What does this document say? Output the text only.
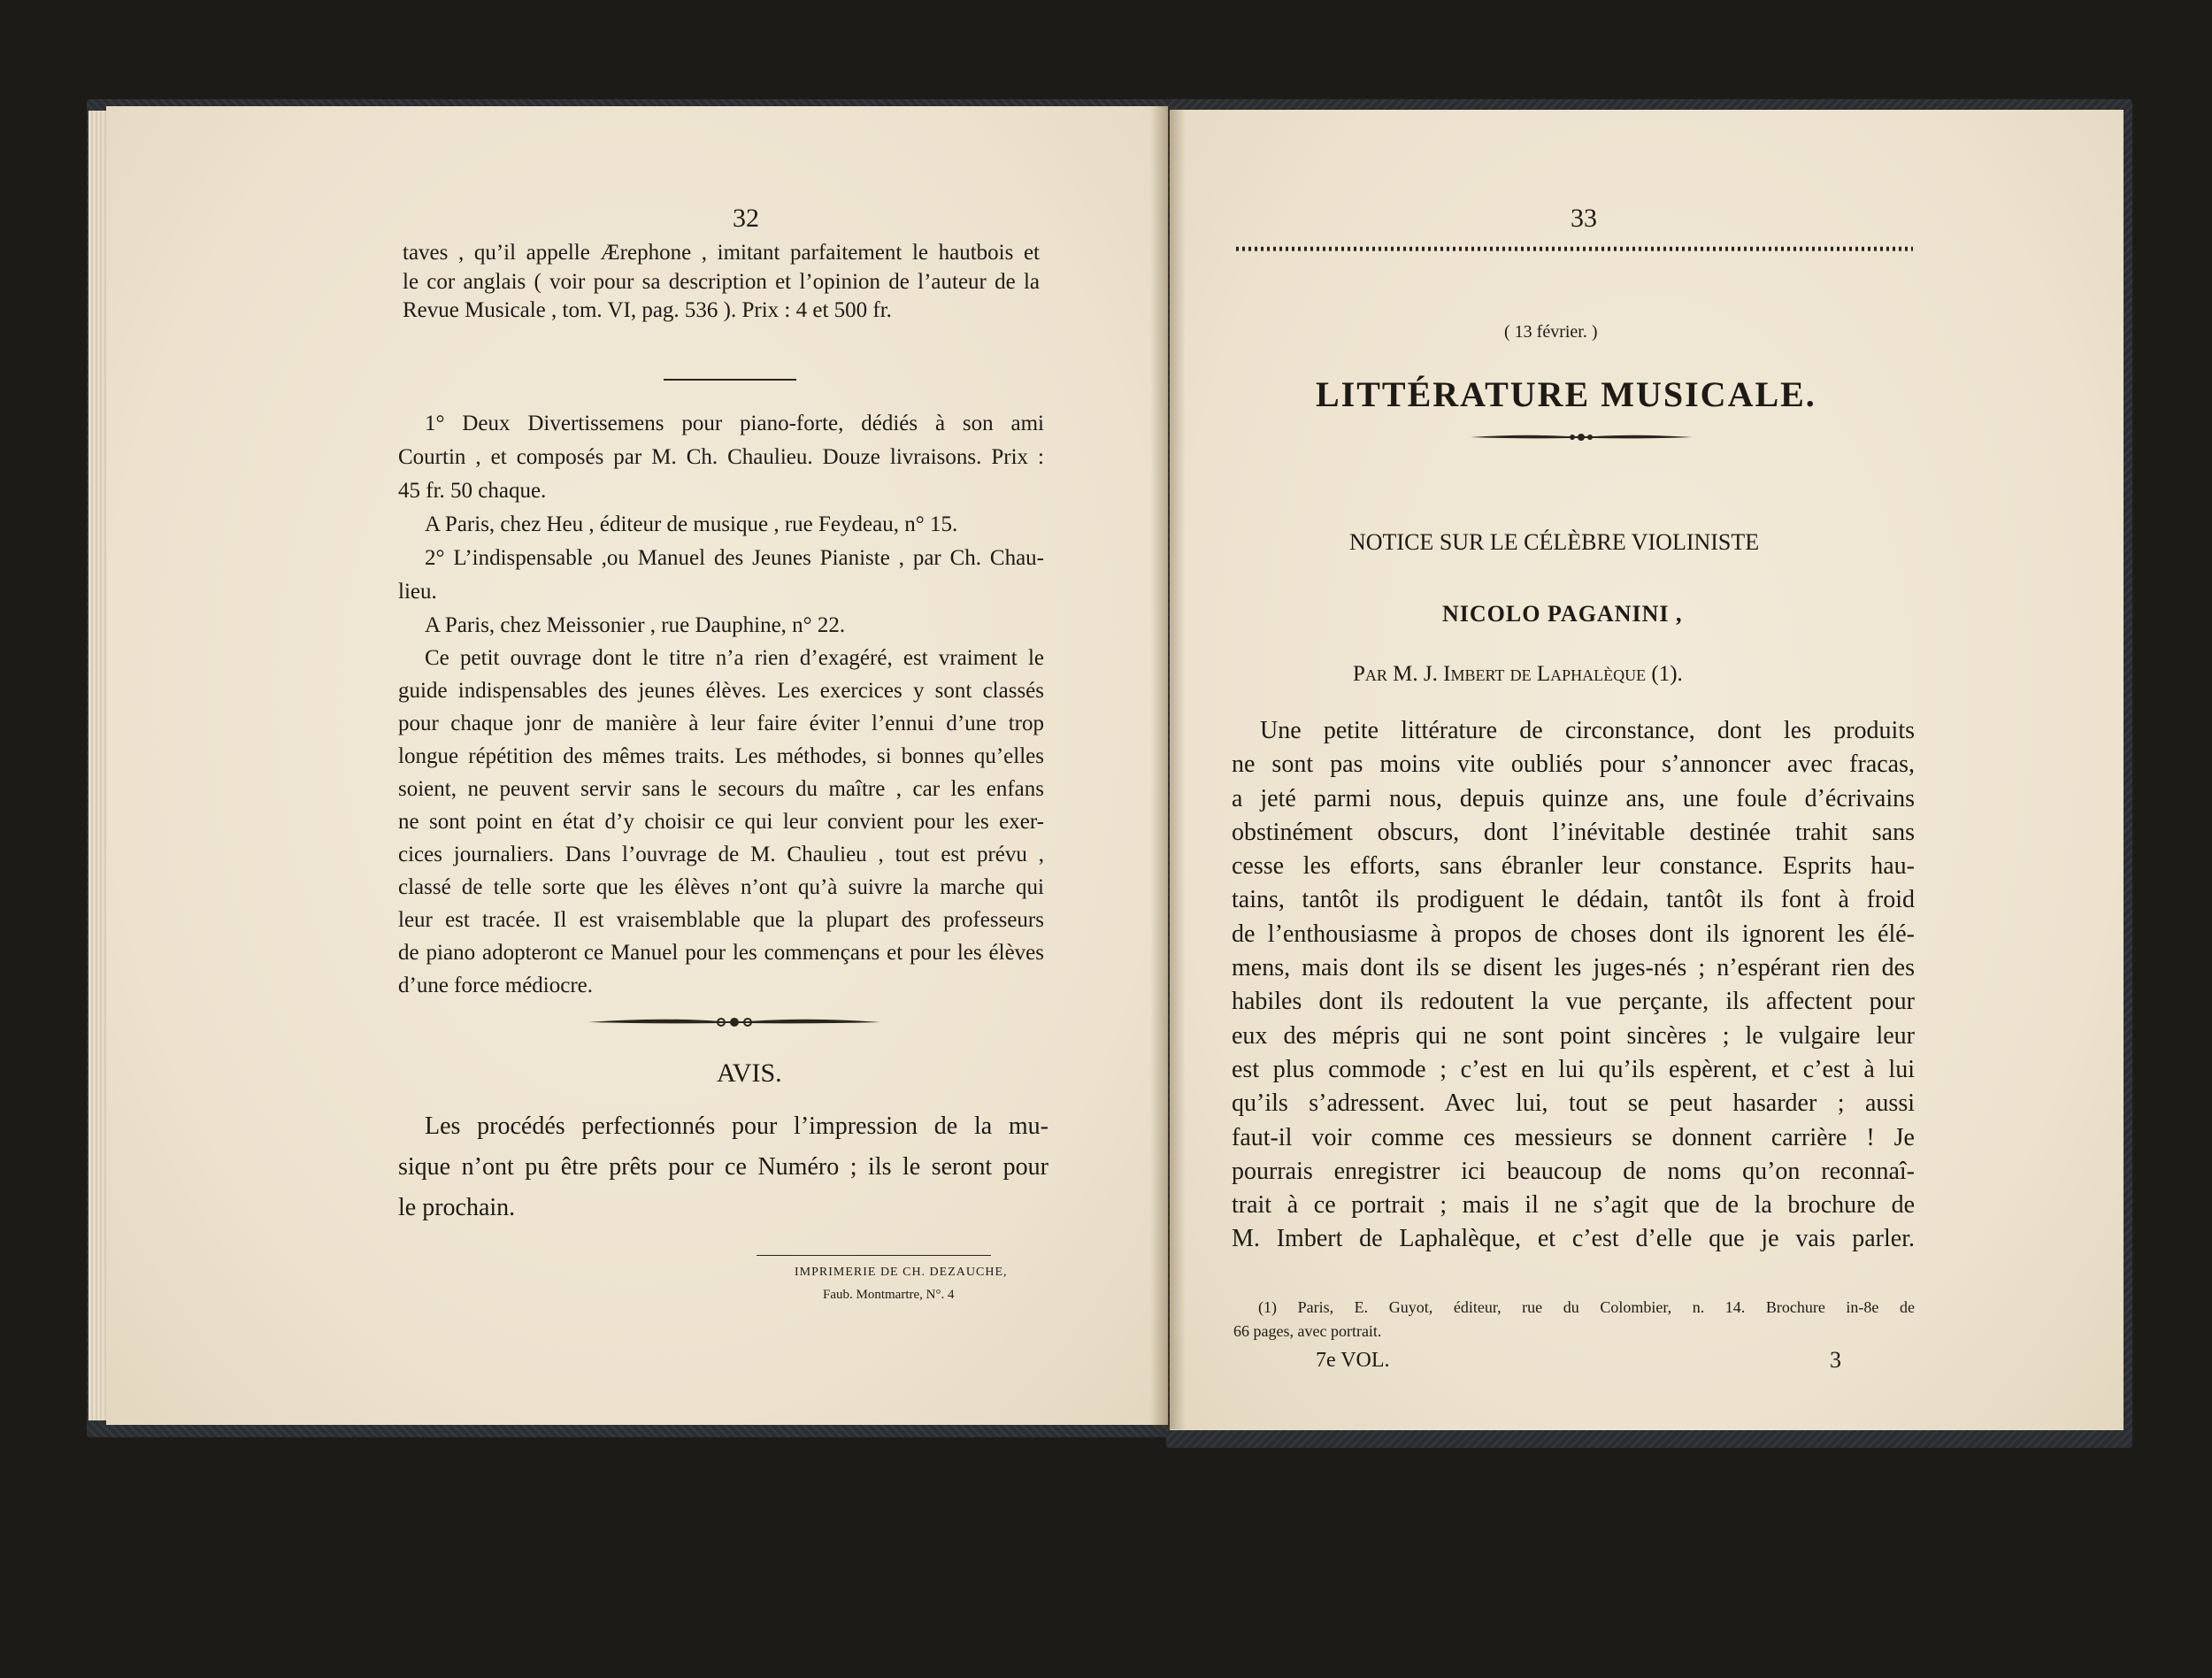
32
taves , qu’il appelle Ærephone , imitant parfaitement le hautbois et
le cor anglais ( voir pour sa description et l’opinion de l’auteur de la
Revue Musicale , tom. VI, pag. 536 ). Prix : 4 et 500 fr.
1° Deux Divertissemens pour piano-forte, dédiés à son ami
Courtin , et composés par M. Ch. Chaulieu. Douze livraisons. Prix :
45 fr. 50 chaque.
A Paris, chez Heu , éditeur de musique , rue Feydeau, n° 15.
2° L’indispensable ,ou Manuel des Jeunes Pianiste , par Ch. Chau-
lieu.
A Paris, chez Meissonier , rue Dauphine, n° 22.
Ce petit ouvrage dont le titre n’a rien d’exagéré, est vraiment le
guide indispensables des jeunes élèves. Les exercices y sont classés
pour chaque jonr de manière à leur faire éviter l’ennui d’une trop
longue répétition des mêmes traits. Les méthodes, si bonnes qu’elles
soient, ne peuvent servir sans le secours du maître , car les enfans
ne sont point en état d’y choisir ce qui leur convient pour les exer-
cices journaliers. Dans l’ouvrage de M. Chaulieu , tout est prévu ,
classé de telle sorte que les élèves n’ont qu’à suivre la marche qui
leur est tracée. Il est vraisemblable que la plupart des professeurs
de piano adopteront ce Manuel pour les commençans et pour les élèves
d’une force médiocre.
AVIS.
Les procédés perfectionnés pour l’impression de la mu-
sique n’ont pu être prêts pour ce Numéro ; ils le seront pour
le prochain.
IMPRIMERIE DE CH. DEZAUCHE,
Faub. Montmartre, N°. 4
33
( 13 février. )
LITTÉRATURE MUSICALE.
NOTICE SUR LE CÉLÈBRE VIOLINISTE
NICOLO PAGANINI ,
Par M. J. Imbert de Laphalèque (1).
Une petite littérature de circonstance, dont les produits
ne sont pas moins vite oubliés pour s’annoncer avec fracas,
a jeté parmi nous, depuis quinze ans, une foule d’écrivains
obstinément obscurs, dont l’inévitable destinée trahit sans
cesse les efforts, sans ébranler leur constance. Esprits hau-
tains, tantôt ils prodiguent le dédain, tantôt ils font à froid
de l’enthousiasme à propos de choses dont ils ignorent les élé-
mens, mais dont ils se disent les juges-nés ; n’espérant rien des
habiles dont ils redoutent la vue perçante, ils affectent pour
eux des mépris qui ne sont point sincères ; le vulgaire leur
est plus commode ; c’est en lui qu’ils espèrent, et c’est à lui
qu’ils s’adressent. Avec lui, tout se peut hasarder ; aussi
faut-il voir comme ces messieurs se donnent carrière ! Je
pourrais enregistrer ici beaucoup de noms qu’on reconnaî-
trait à ce portrait ; mais il ne s’agit que de la brochure de
M. Imbert de Laphalèque, et c’est d’elle que je vais parler.
(1) Paris, E. Guyot, éditeur, rue du Colombier, n. 14. Brochure in-8e de
66 pages, avec portrait.
7e VOL.	3
